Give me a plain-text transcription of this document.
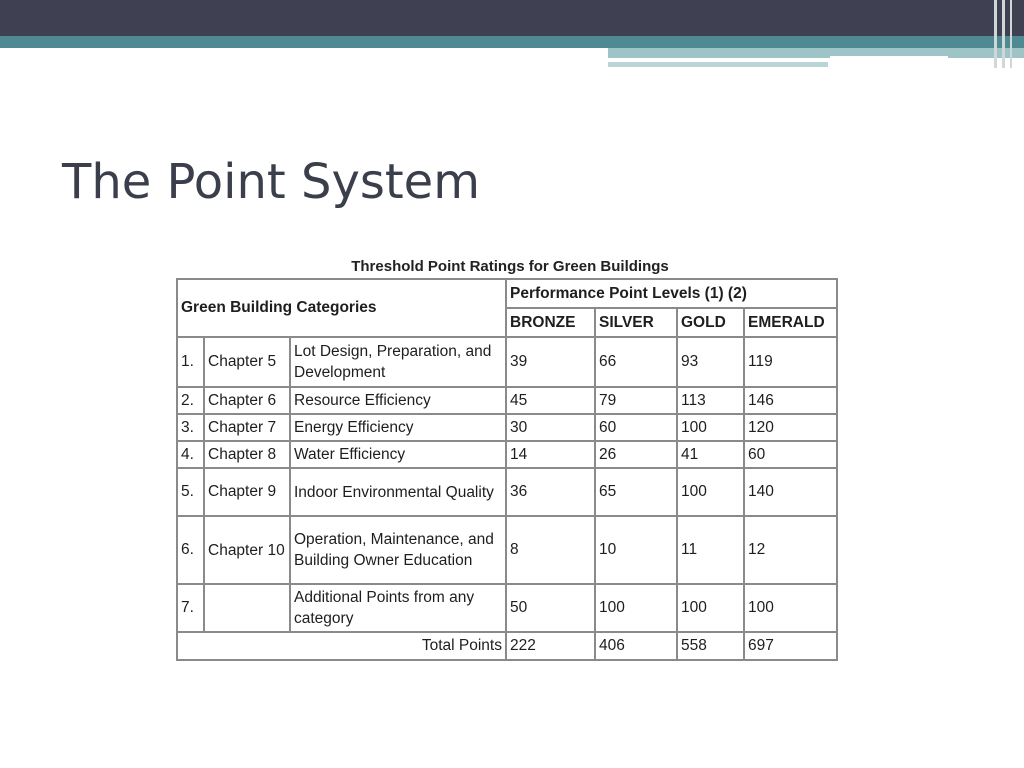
The Point System
Threshold Point Ratings for Green Buildings
Green Building Categories			Performance Point Levels (1) (2)			
			BRONZE	SILVER	GOLD	EMERALD
1.	Chapter 5	Lot Design, Preparation, and Development	39	66	93	119
2.	Chapter 6	Resource Efficiency	45	79	113	146
3.	Chapter 7	Energy Efficiency	30	60	100	120
4.	Chapter 8	Water Efficiency	14	26	41	60
5.	Chapter 9	Indoor Environmental Quality	36	65	100	140
6.	Chapter 10	Operation, Maintenance, and Building Owner Education	8	10	11	12
7.		Additional Points from any category	50	100	100	100
Total Points			222	406	558	697
